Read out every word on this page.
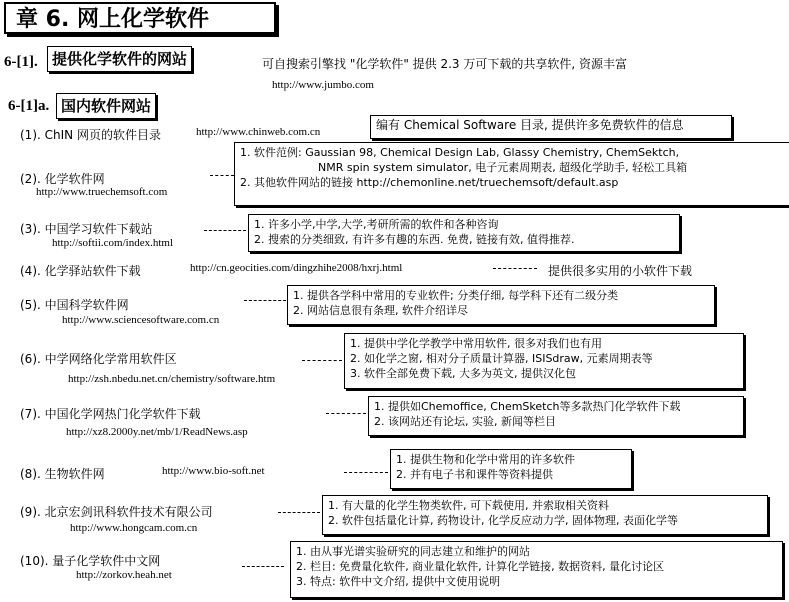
章 6. 网上化学软件
6-[1]. 提供化学软件的网站	可自搜索引擎找 "化学软件" 提供 2.3 万可下载的共享软件, 资源丰富
http://www.jumbo.com
6-[1]a. 国内软件网站
(1). ChIN 网页的软件目录	http://www.chinweb.com.cn	编有 Chemical Software 目录, 提供许多免费软件的信息
(2). 化学软件网
http://www.truechemsoft.com
1. 软件范例: Gaussian 98, Chemical Design Lab, Glassy Chemistry, ChemSektch,
NMR spin system simulator, 电子元素周期表, 超级化学助手, 轻松工具箱
2. 其他软件网站的链接 http://chemonline.net/truechemsoft/default.asp
(3). 中国学习软件下载站
http://softii.com/index.html
1. 许多小学,中学,大学,考研所需的软件和各种咨询
2. 搜索的分类细致, 有许多有趣的东西. 免费, 链接有效, 值得推荐.
(4). 化学驿站软件下载	http://cn.geocities.com/dingzhihe2008/hxrj.html	提供很多实用的小软件下载
(5). 中国科学软件网
http://www.sciencesoftware.com.cn
1. 提供各学科中常用的专业软件; 分类仔细, 每学科下还有二级分类
2. 网站信息很有条理, 软件介绍详尽
(6). 中学网络化学常用软件区
http://zsh.nbedu.net.cn/chemistry/software.htm
1. 提供中学化学教学中常用软件, 很多对我们也有用
2. 如化学之窗, 相对分子质量计算器, ISISdraw, 元素周期表等
3. 软件全部免费下载, 大多为英文, 提供汉化包
(7). 中国化学网热门化学软件下载
http://xz8.2000y.net/mb/1/ReadNews.asp
1. 提供如Chemoffice, ChemSketch等多款热门化学软件下载
2. 该网站还有论坛, 实验, 新闻等栏目
(8). 生物软件网	http://www.bio-soft.net
1. 提供生物和化学中常用的许多软件
2. 并有电子书和课件等资料提供
(9). 北京宏剑讯科软件技术有限公司
http://www.hongcam.com.cn
1. 有大量的化学生物类软件, 可下载使用, 并索取相关资料
2. 软件包括量化计算, 药物设计, 化学反应动力学, 固体物理, 表面化学等
(10). 量子化学软件中文网
http://zorkov.heah.net
1. 由从事光谱实验研究的同志建立和维护的网站
2. 栏目: 免费量化软件, 商业量化软件, 计算化学链接, 数据资料, 量化讨论区
3. 特点: 软件中文介绍, 提供中文使用说明
